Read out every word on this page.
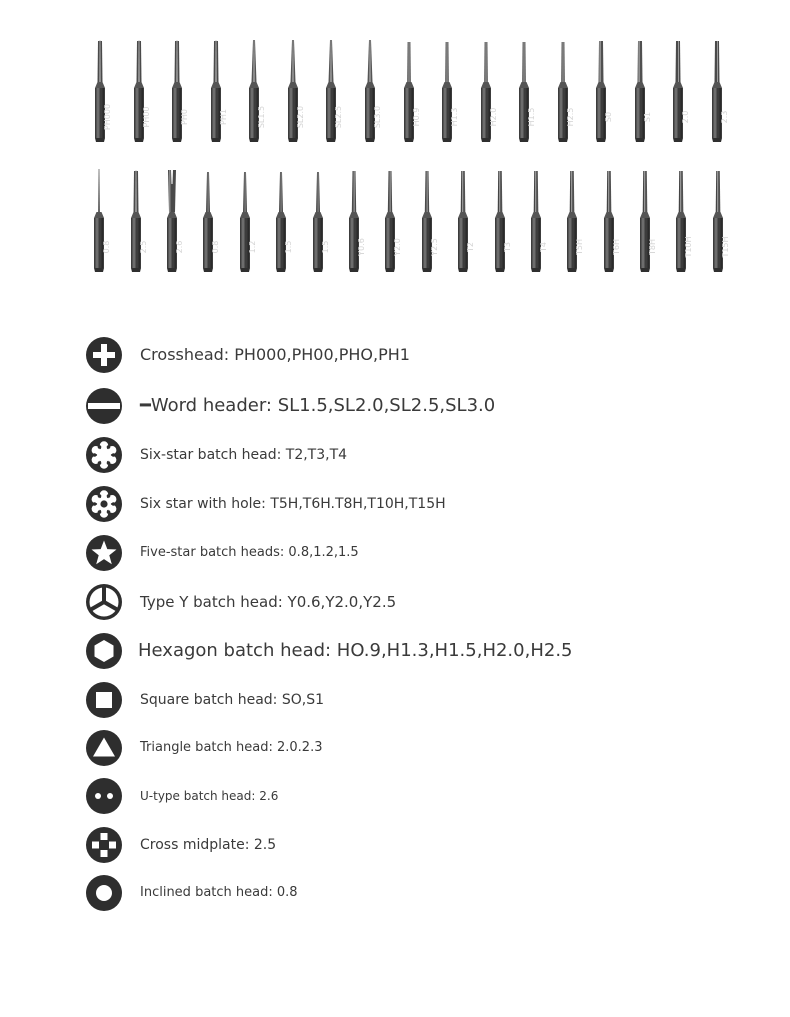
PH000	PH00	PH0	PH1	SL1.5	SL2.0	SL2.5	SL3.0	H0.9	H1.3	H2.0	H1.5	H2.5	S0	S1	2.0	2.3
0.8	2.5	2.6	0.8	1.2	1.5	1.5	Y0.6	Y2.0	Y2.5	T2	T3	T4	T5H	T6H	T8H	T10H	T15H
Crosshead: PH000,PH00,PHO,PH1
━Word header: SL1.5,SL2.0,SL2.5,SL3.0
Six-star batch head: T2,T3,T4
Six star with hole: T5H,T6H.T8H,T10H,T15H
Five-star batch heads: 0.8,1.2,1.5
Type Y batch head: Y0.6,Y2.0,Y2.5
Hexagon batch head: HO.9,H1.3,H1.5,H2.0,H2.5
Square batch head: SO,S1
Triangle batch head: 2.0.2.3
U-type batch head: 2.6
Cross midplate: 2.5
Inclined batch head: 0.8
